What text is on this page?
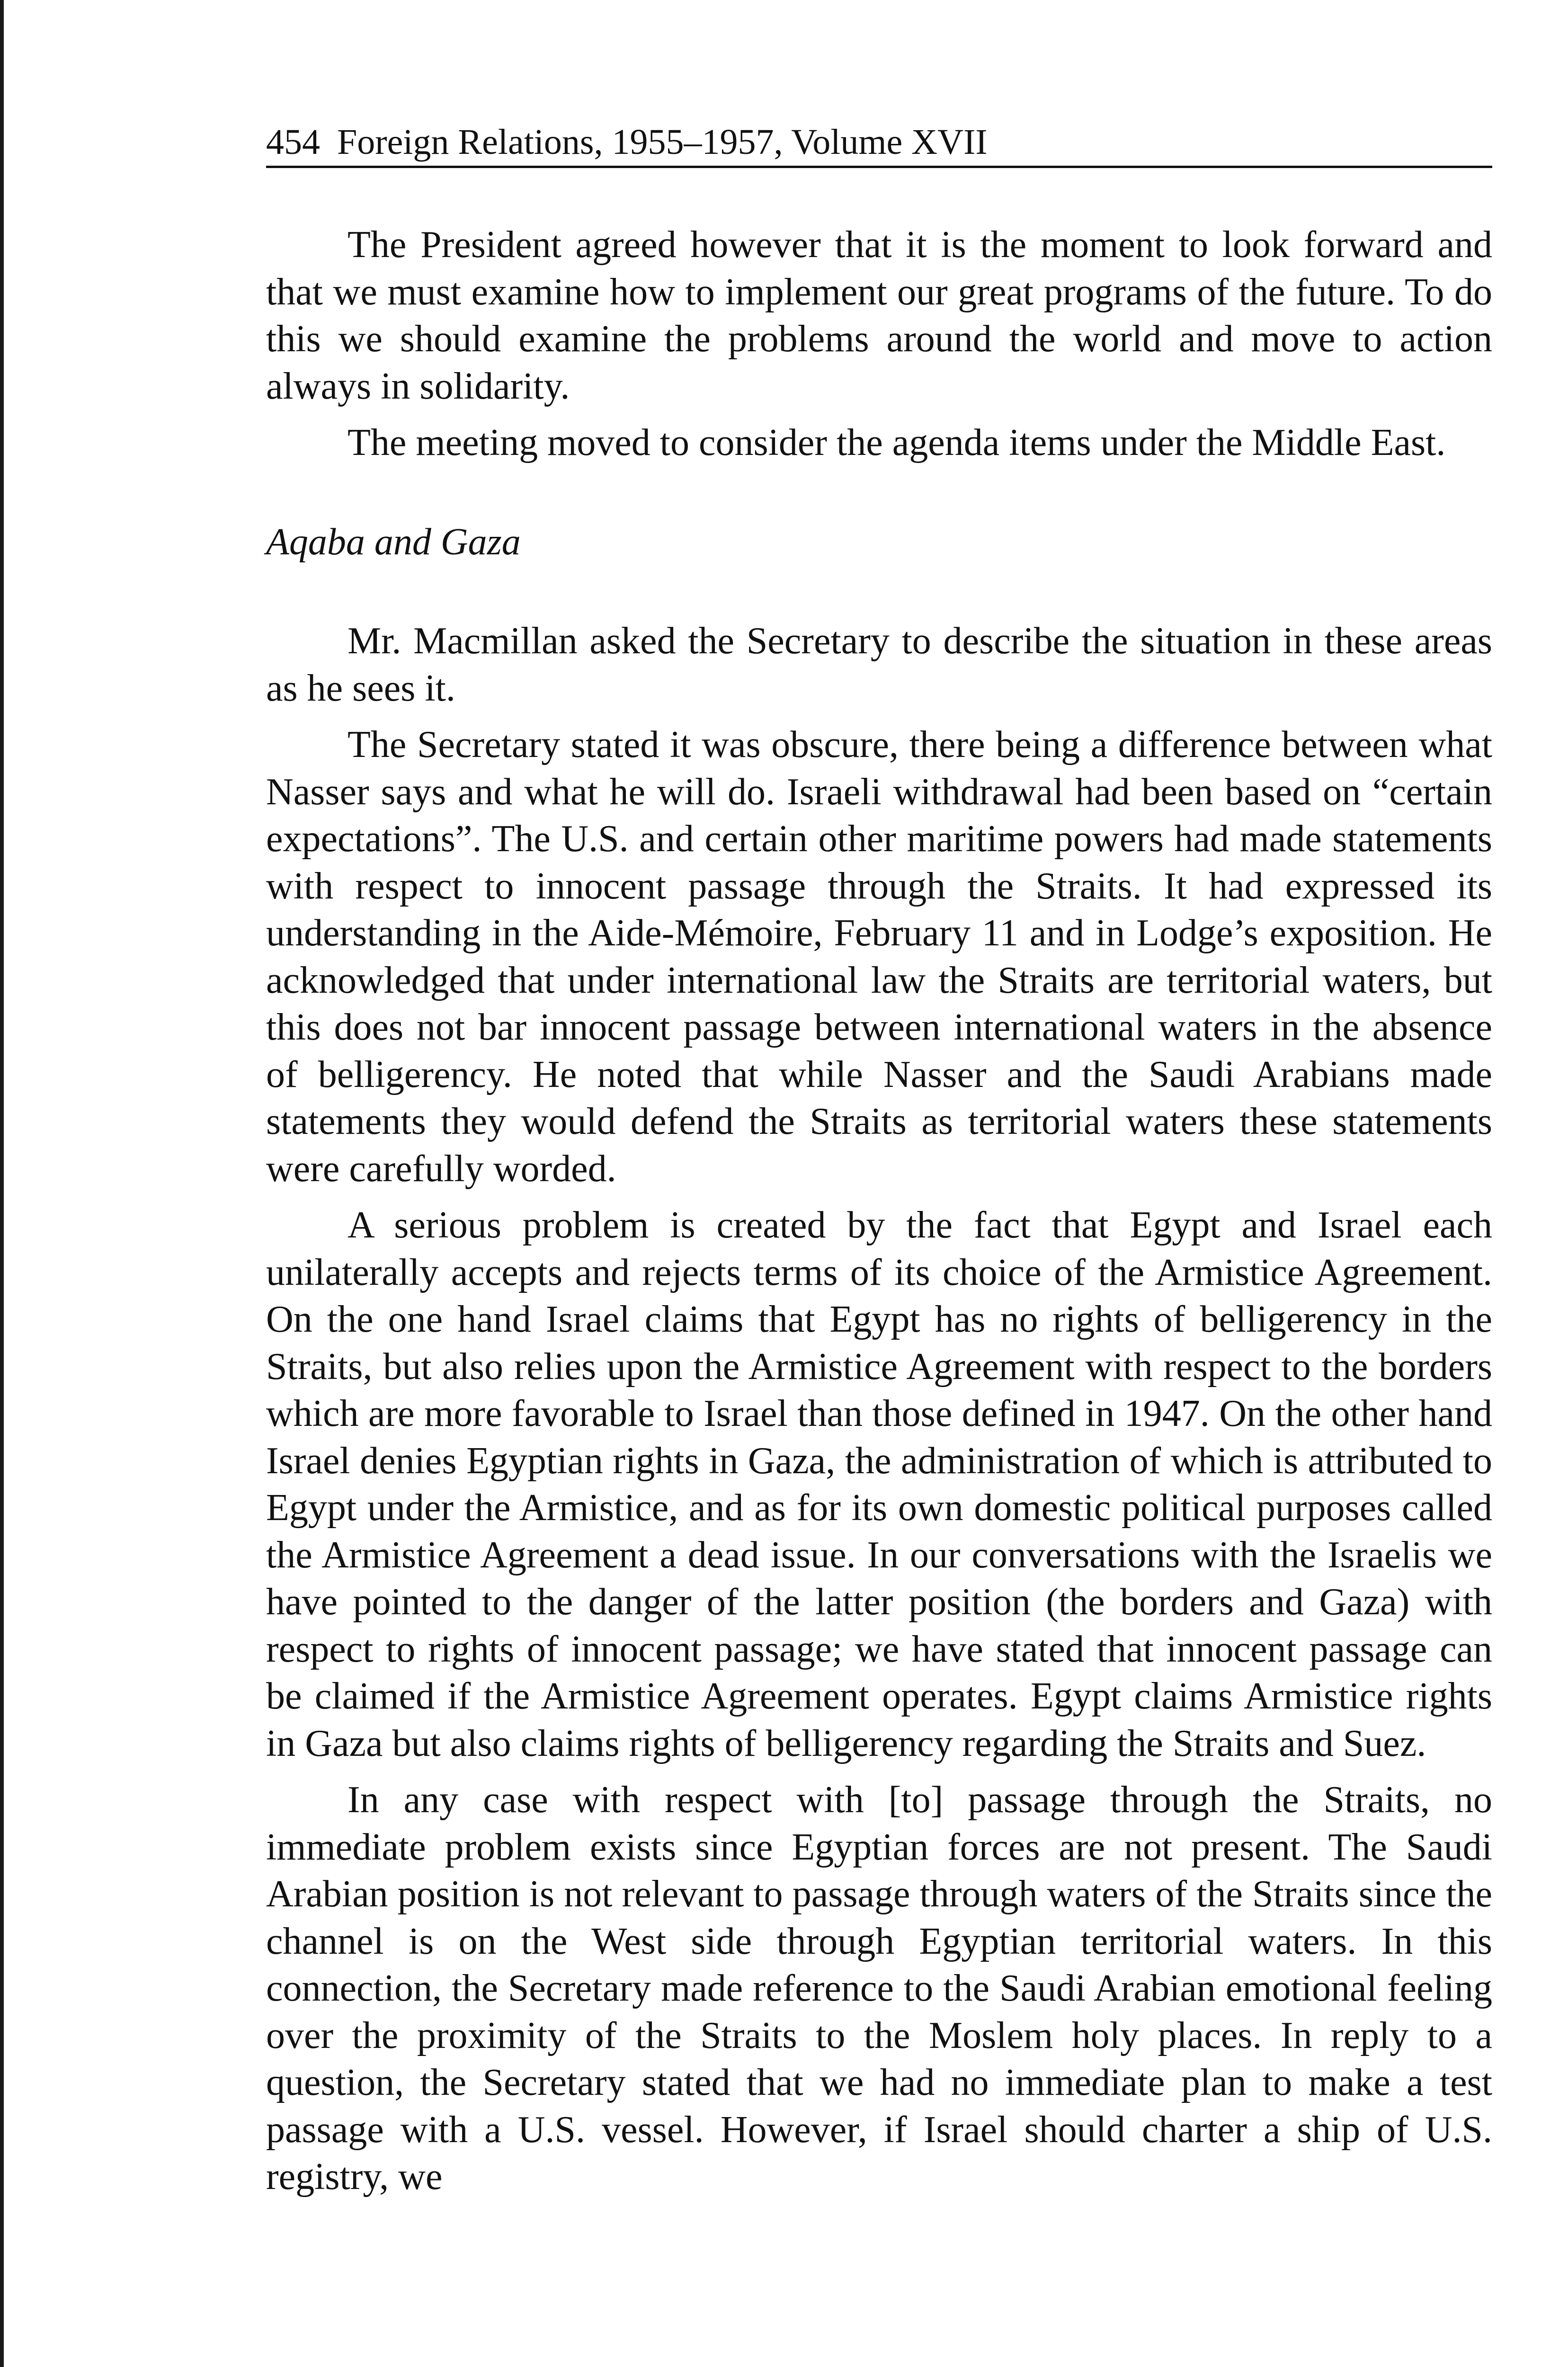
454 Foreign Relations, 1955–1957, Volume XVII

The President agreed however that it is the moment to look forward and that we must examine how to implement our great programs of the future. To do this we should examine the problems around the world and move to action always in solidarity.

The meeting moved to consider the agenda items under the Middle East.

Aqaba and Gaza

Mr. Macmillan asked the Secretary to describe the situation in these areas as he sees it.

The Secretary stated it was obscure, there being a difference between what Nasser says and what he will do. Israeli withdrawal had been based on “certain expectations”. The U.S. and certain other maritime powers had made statements with respect to innocent passage through the Straits. It had expressed its understanding in the Aide-Mémoire, February 11 and in Lodge’s exposition. He acknowledged that under international law the Straits are territorial waters, but this does not bar innocent passage between international waters in the absence of belligerency. He noted that while Nasser and the Saudi Arabians made statements they would defend the Straits as territorial waters these statements were carefully worded.

A serious problem is created by the fact that Egypt and Israel each unilaterally accepts and rejects terms of its choice of the Armistice Agreement. On the one hand Israel claims that Egypt has no rights of belligerency in the Straits, but also relies upon the Armistice Agreement with respect to the borders which are more favorable to Israel than those defined in 1947. On the other hand Israel denies Egyptian rights in Gaza, the administration of which is attributed to Egypt under the Armistice, and as for its own domestic political purposes called the Armistice Agreement a dead issue. In our conversations with the Israelis we have pointed to the danger of the latter position (the borders and Gaza) with respect to rights of innocent passage; we have stated that innocent passage can be claimed if the Armistice Agreement operates. Egypt claims Armistice rights in Gaza but also claims rights of belligerency regarding the Straits and Suez.

In any case with respect with [to] passage through the Straits, no immediate problem exists since Egyptian forces are not present. The Saudi Arabian position is not relevant to passage through waters of the Straits since the channel is on the West side through Egyptian territorial waters. In this connection, the Secretary made reference to the Saudi Arabian emotional feeling over the proximity of the Straits to the Moslem holy places. In reply to a question, the Secretary stated that we had no immediate plan to make a test passage with a U.S. vessel. However, if Israel should charter a ship of U.S. registry, we
